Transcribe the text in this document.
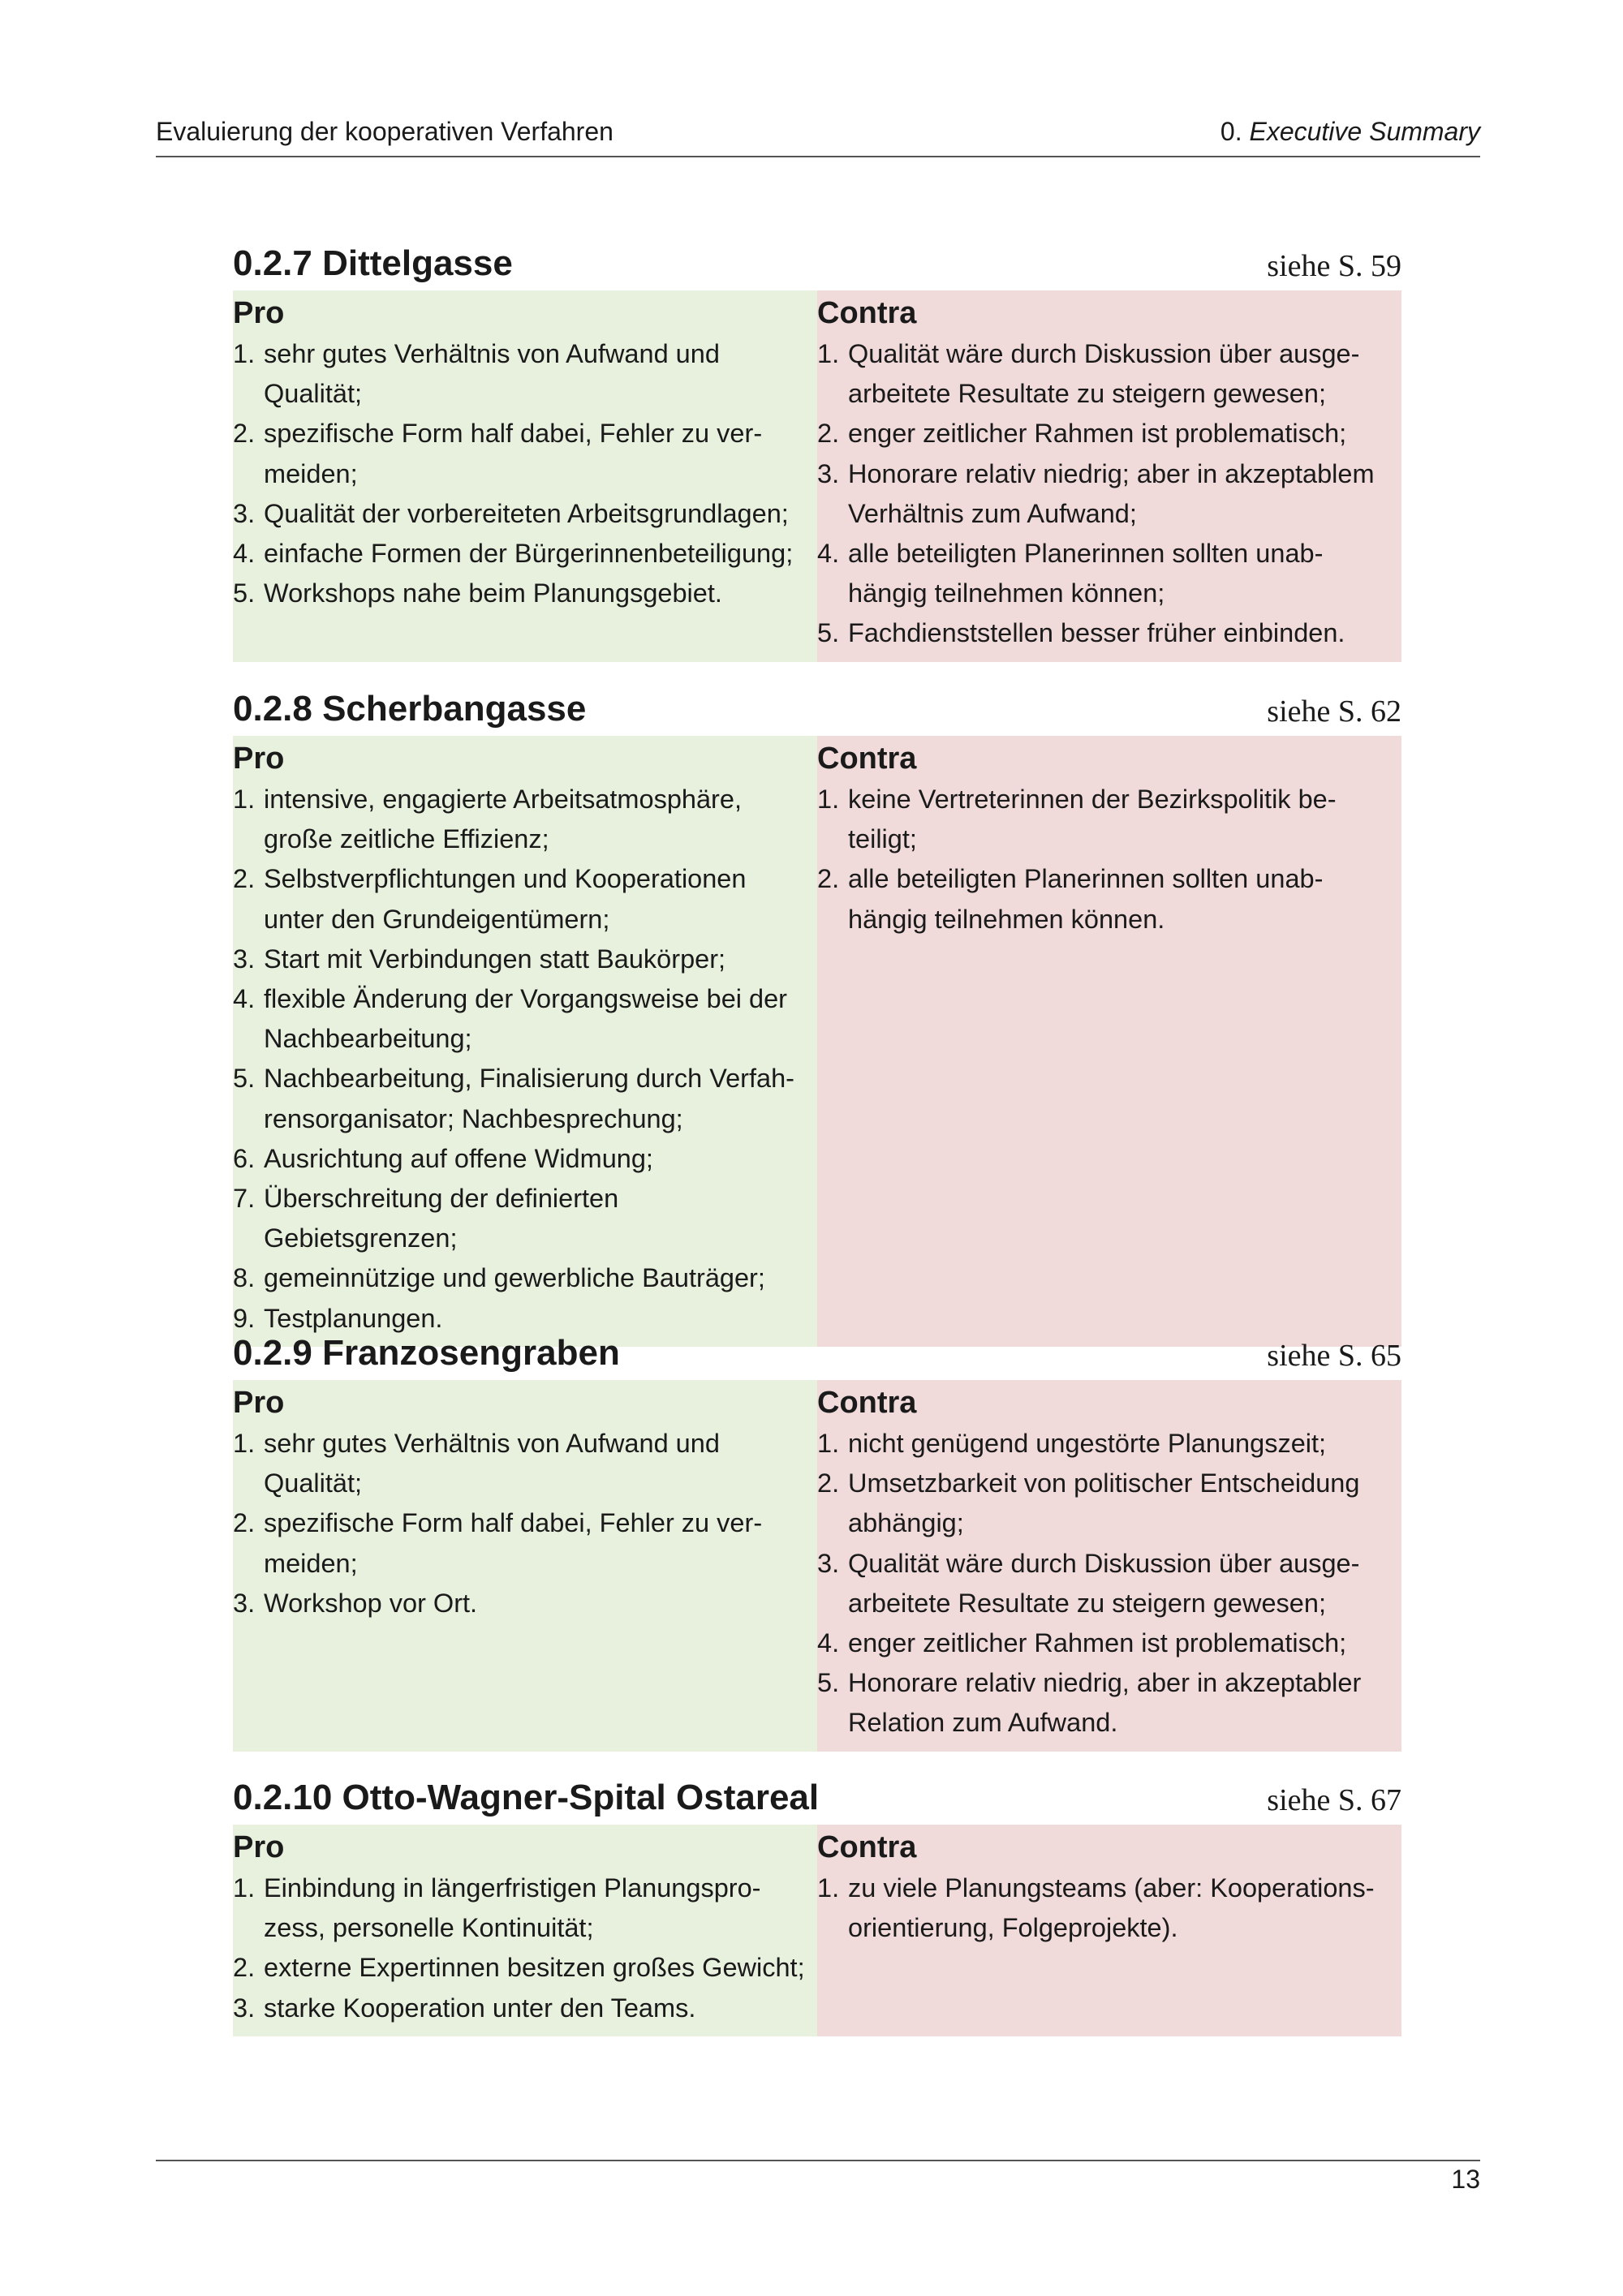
Evaluierung der kooperativen Verfahren	0. Executive Summary
0.2.7 Dittelgasse	siehe S. 59
Pro
1. sehr gutes Verhältnis von Aufwand und
Qualität;
2. spezifische Form half dabei, Fehler zu ver-
meiden;
3. Qualität der vorbereiteten Arbeitsgrundlagen;
4. einfache Formen der Bürgerinnenbeteiligung;
5. Workshops nahe beim Planungsgebiet.
Contra
1. Qualität wäre durch Diskussion über ausge-
arbeitete Resultate zu steigern gewesen;
2. enger zeitlicher Rahmen ist problematisch;
3. Honorare relativ niedrig; aber in akzeptablem
Verhältnis zum Aufwand;
4. alle beteiligten Planerinnen sollten unab-
hängig teilnehmen können;
5. Fachdienststellen besser früher einbinden.
0.2.8 Scherbangasse	siehe S. 62
Pro
1. intensive, engagierte Arbeitsatmosphäre,
große zeitliche Effizienz;
2. Selbstverpflichtungen und Kooperationen
unter den Grundeigentümern;
3. Start mit Verbindungen statt Baukörper;
4. flexible Änderung der Vorgangsweise bei der
Nachbearbeitung;
5. Nachbearbeitung, Finalisierung durch Verfah-
rensorganisator; Nachbesprechung;
6. Ausrichtung auf offene Widmung;
7. Überschreitung der definierten Gebietsgrenzen;
8. gemeinnützige und gewerbliche Bauträger;
9. Testplanungen.
Contra
1. keine Vertreterinnen der Bezirkspolitik be-
teiligt;
2. alle beteiligten Planerinnen sollten unab-
hängig teilnehmen können.
0.2.9 Franzosengraben	siehe S. 65
Pro
1. sehr gutes Verhältnis von Aufwand und
Qualität;
2. spezifische Form half dabei, Fehler zu ver-
meiden;
3. Workshop vor Ort.
Contra
1. nicht genügend ungestörte Planungszeit;
2. Umsetzbarkeit von politischer Entscheidung
abhängig;
3. Qualität wäre durch Diskussion über ausge-
arbeitete Resultate zu steigern gewesen;
4. enger zeitlicher Rahmen ist problematisch;
5. Honorare relativ niedrig, aber in akzeptabler
Relation zum Aufwand.
0.2.10 Otto-Wagner-Spital Ostareal	siehe S. 67
Pro
1. Einbindung in längerfristigen Planungspro-
zess, personelle Kontinuität;
2. externe Expertinnen besitzen großes Gewicht;
3. starke Kooperation unter den Teams.
Contra
1. zu viele Planungsteams (aber: Kooperations-
orientierung, Folgeprojekte).
13
